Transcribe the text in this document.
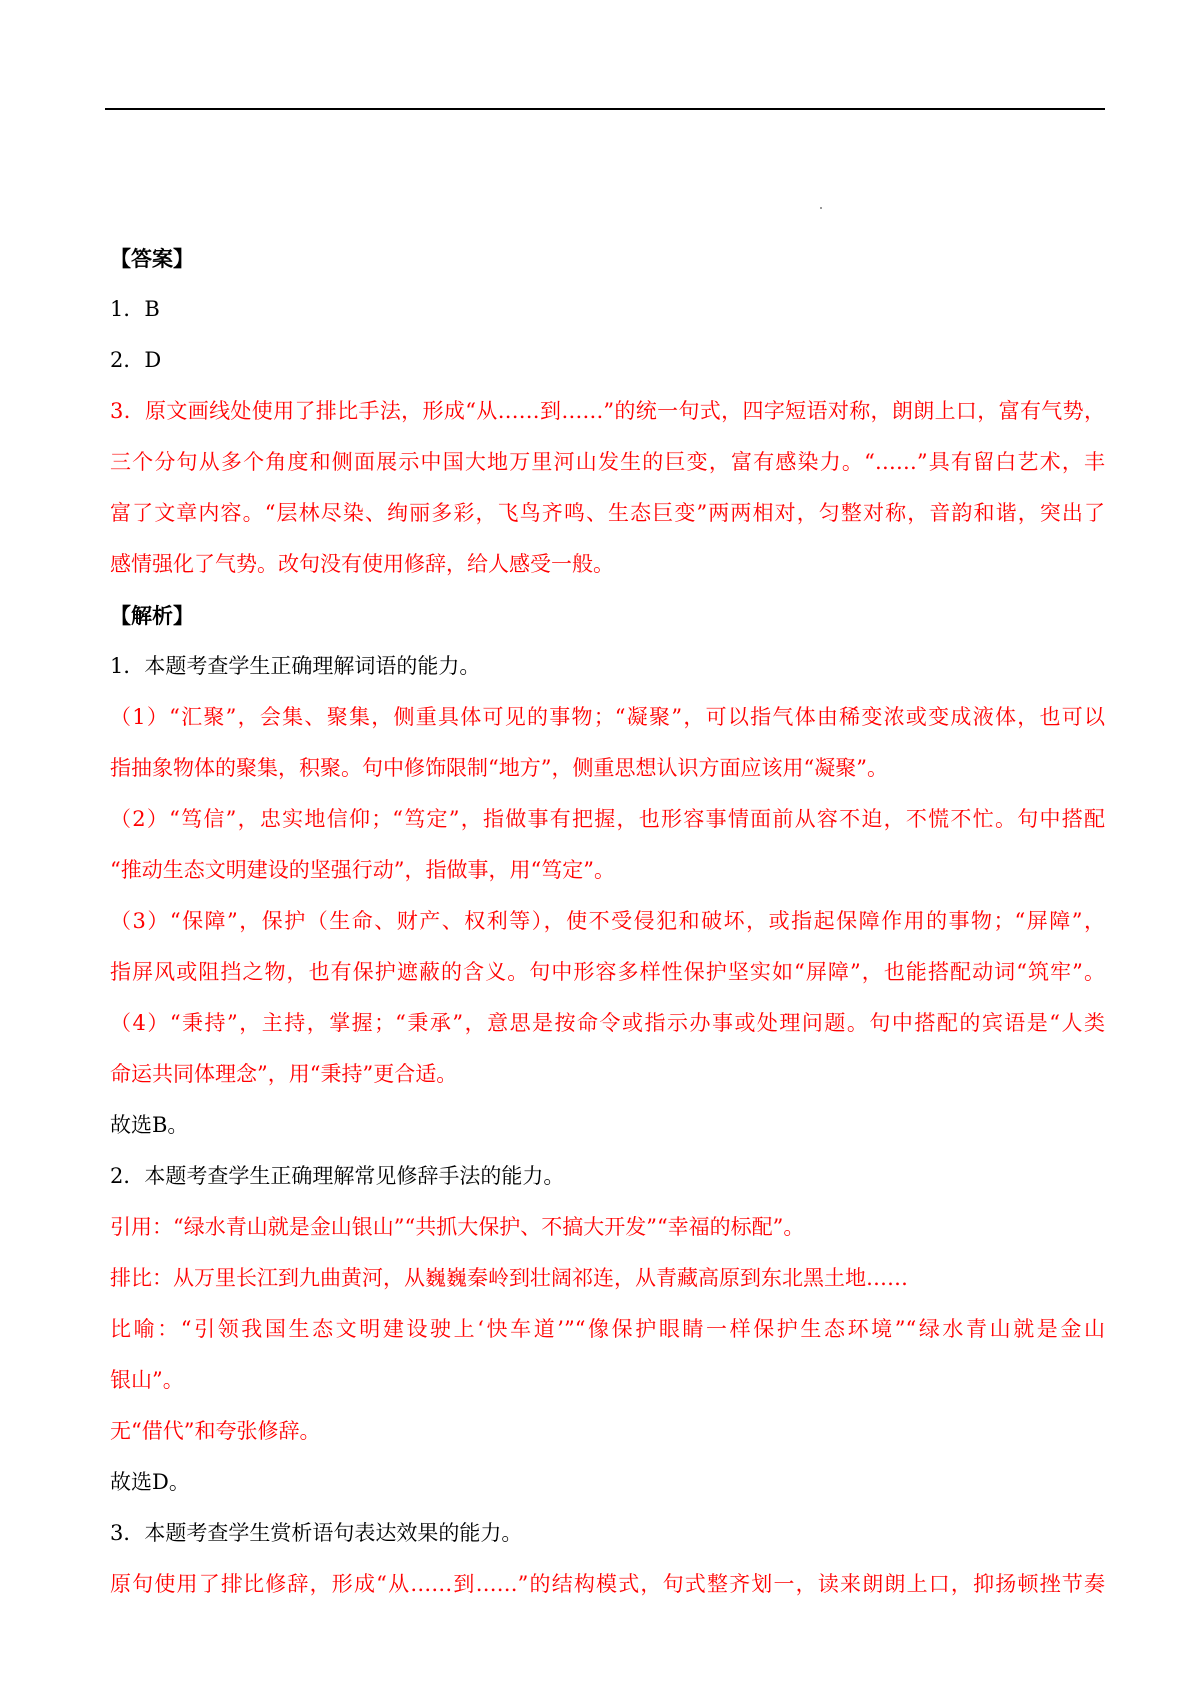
【答案】
1．B
2．D
3．原文画线处使用了排比手法，形成“从……到……”的统一句式，四字短语对称，朗朗上口，富有气势，
三个分句从多个角度和侧面展示中国大地万里河山发生的巨变，富有感染力。“……”具有留白艺术，丰
富了文章内容。“层林尽染、绚丽多彩，飞鸟齐鸣、生态巨变”两两相对，匀整对称，音韵和谐，突出了
感情强化了气势。改句没有使用修辞，给人感受一般。
【解析】
1．本题考查学生正确理解词语的能力。
（1）“汇聚”，会集、聚集，侧重具体可见的事物；“凝聚”，可以指气体由稀变浓或变成液体，也可以
指抽象物体的聚集，积聚。句中修饰限制“地方”，侧重思想认识方面应该用“凝聚”。
（2）“笃信”，忠实地信仰；“笃定”，指做事有把握，也形容事情面前从容不迫，不慌不忙。句中搭配
“推动生态文明建设的坚强行动”，指做事，用“笃定”。
（3）“保障”，保护（生命、财产、权利等），使不受侵犯和破坏，或指起保障作用的事物；“屏障”，
指屏风或阻挡之物，也有保护遮蔽的含义。句中形容多样性保护坚实如“屏障”，也能搭配动词“筑牢”。
（4）“秉持”，主持，掌握；“秉承”，意思是按命令或指示办事或处理问题。句中搭配的宾语是“人类
命运共同体理念”，用“秉持”更合适。
故选B。
2．本题考查学生正确理解常见修辞手法的能力。
引用：“绿水青山就是金山银山”“共抓大保护、不搞大开发”“幸福的标配”。
排比：从万里长江到九曲黄河，从巍巍秦岭到壮阔祁连，从青藏高原到东北黑土地……
比喻：“引领我国生态文明建设驶上‘快车道’”“像保护眼睛一样保护生态环境”“绿水青山就是金山
银山”。
无“借代”和夸张修辞。
故选D。
3．本题考查学生赏析语句表达效果的能力。
原句使用了排比修辞，形成“从……到……”的结构模式，句式整齐划一，读来朗朗上口，抑扬顿挫节奏
